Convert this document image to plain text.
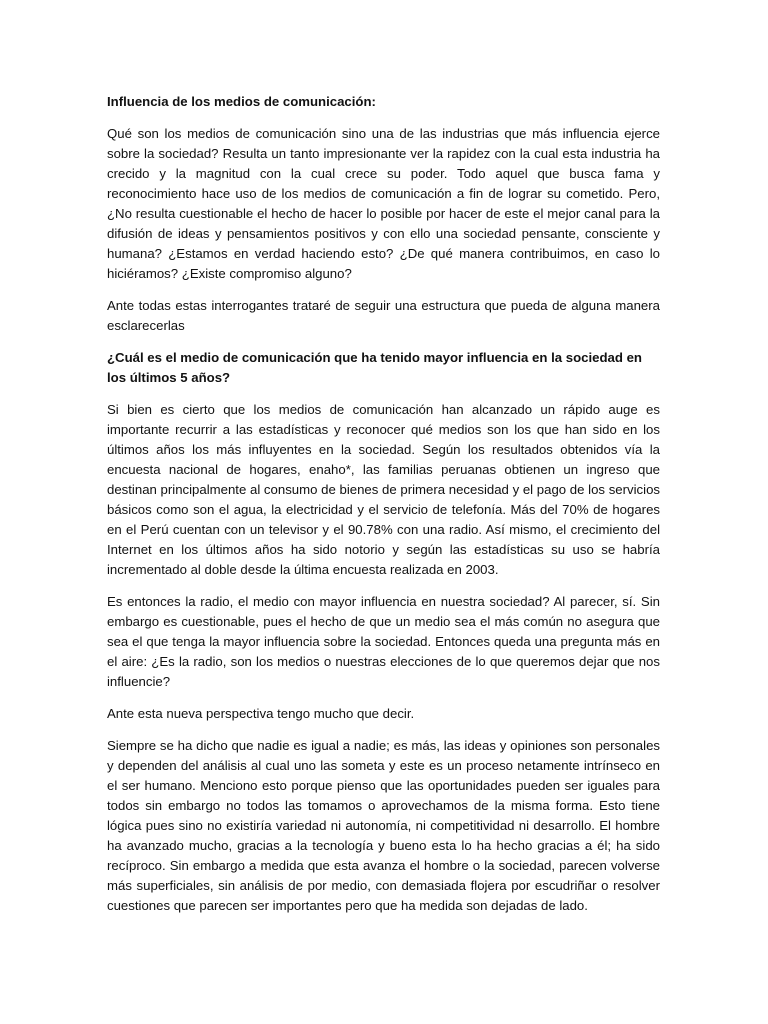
Influencia de los medios de comunicación:

Qué son los medios de comunicación sino una de las industrias que más influencia ejerce sobre la sociedad? Resulta un tanto impresionante ver la rapidez con la cual esta industria ha crecido y la magnitud con la cual crece su poder. Todo aquel que busca fama y reconocimiento hace uso de los medios de comunicación a fin de lograr su cometido. Pero, ¿No resulta cuestionable el hecho de hacer lo posible por hacer de este el mejor canal para la difusión de ideas y pensamientos positivos y con ello una sociedad pensante, consciente y humana? ¿Estamos en verdad haciendo esto? ¿De qué manera contribuimos, en caso lo hiciéramos? ¿Existe compromiso alguno?

Ante todas estas interrogantes trataré de seguir una estructura que pueda de alguna manera esclarecerlas

¿Cuál es el medio de comunicación que ha tenido mayor influencia en la sociedad en los últimos 5 años?

Si bien es cierto que los medios de comunicación han alcanzado un rápido auge es importante recurrir a las estadísticas y reconocer qué medios son los que han sido en los últimos años los más influyentes en la sociedad. Según los resultados obtenidos vía la encuesta nacional de hogares, enaho*, las familias peruanas obtienen un ingreso que destinan principalmente al consumo de bienes de primera necesidad y el pago de los servicios básicos como son el agua, la electricidad y el servicio de telefonía. Más del 70% de hogares en el Perú cuentan con un televisor y el 90.78% con una radio. Así mismo, el crecimiento del Internet en los últimos años ha sido notorio y según las estadísticas su uso se habría incrementado al doble desde la última encuesta realizada en 2003.

Es entonces la radio, el medio con mayor influencia en nuestra sociedad? Al parecer, sí. Sin embargo es cuestionable, pues el hecho de que un medio sea el más común no asegura que sea el que tenga la mayor influencia sobre la sociedad. Entonces queda una pregunta más en el aire: ¿Es la radio, son los medios o nuestras elecciones de lo que queremos dejar que nos influencie?

Ante esta nueva perspectiva tengo mucho que decir.

Siempre se ha dicho que nadie es igual a nadie; es más, las ideas y opiniones son personales y dependen del análisis al cual uno las someta y este es un proceso netamente intrínseco en el ser humano. Menciono esto porque pienso que las oportunidades pueden ser iguales para todos sin embargo no todos las tomamos o aprovechamos de la misma forma. Esto tiene lógica pues sino no existiría variedad ni autonomía, ni competitividad ni desarrollo. El hombre ha avanzado mucho, gracias a la tecnología y bueno esta lo ha hecho gracias a él; ha sido recíproco. Sin embargo a medida que esta avanza el hombre o la sociedad, parecen volverse más superficiales, sin análisis de por medio, con demasiada flojera por escudriñar o resolver cuestiones que parecen ser importantes pero que ha medida son dejadas de lado.
